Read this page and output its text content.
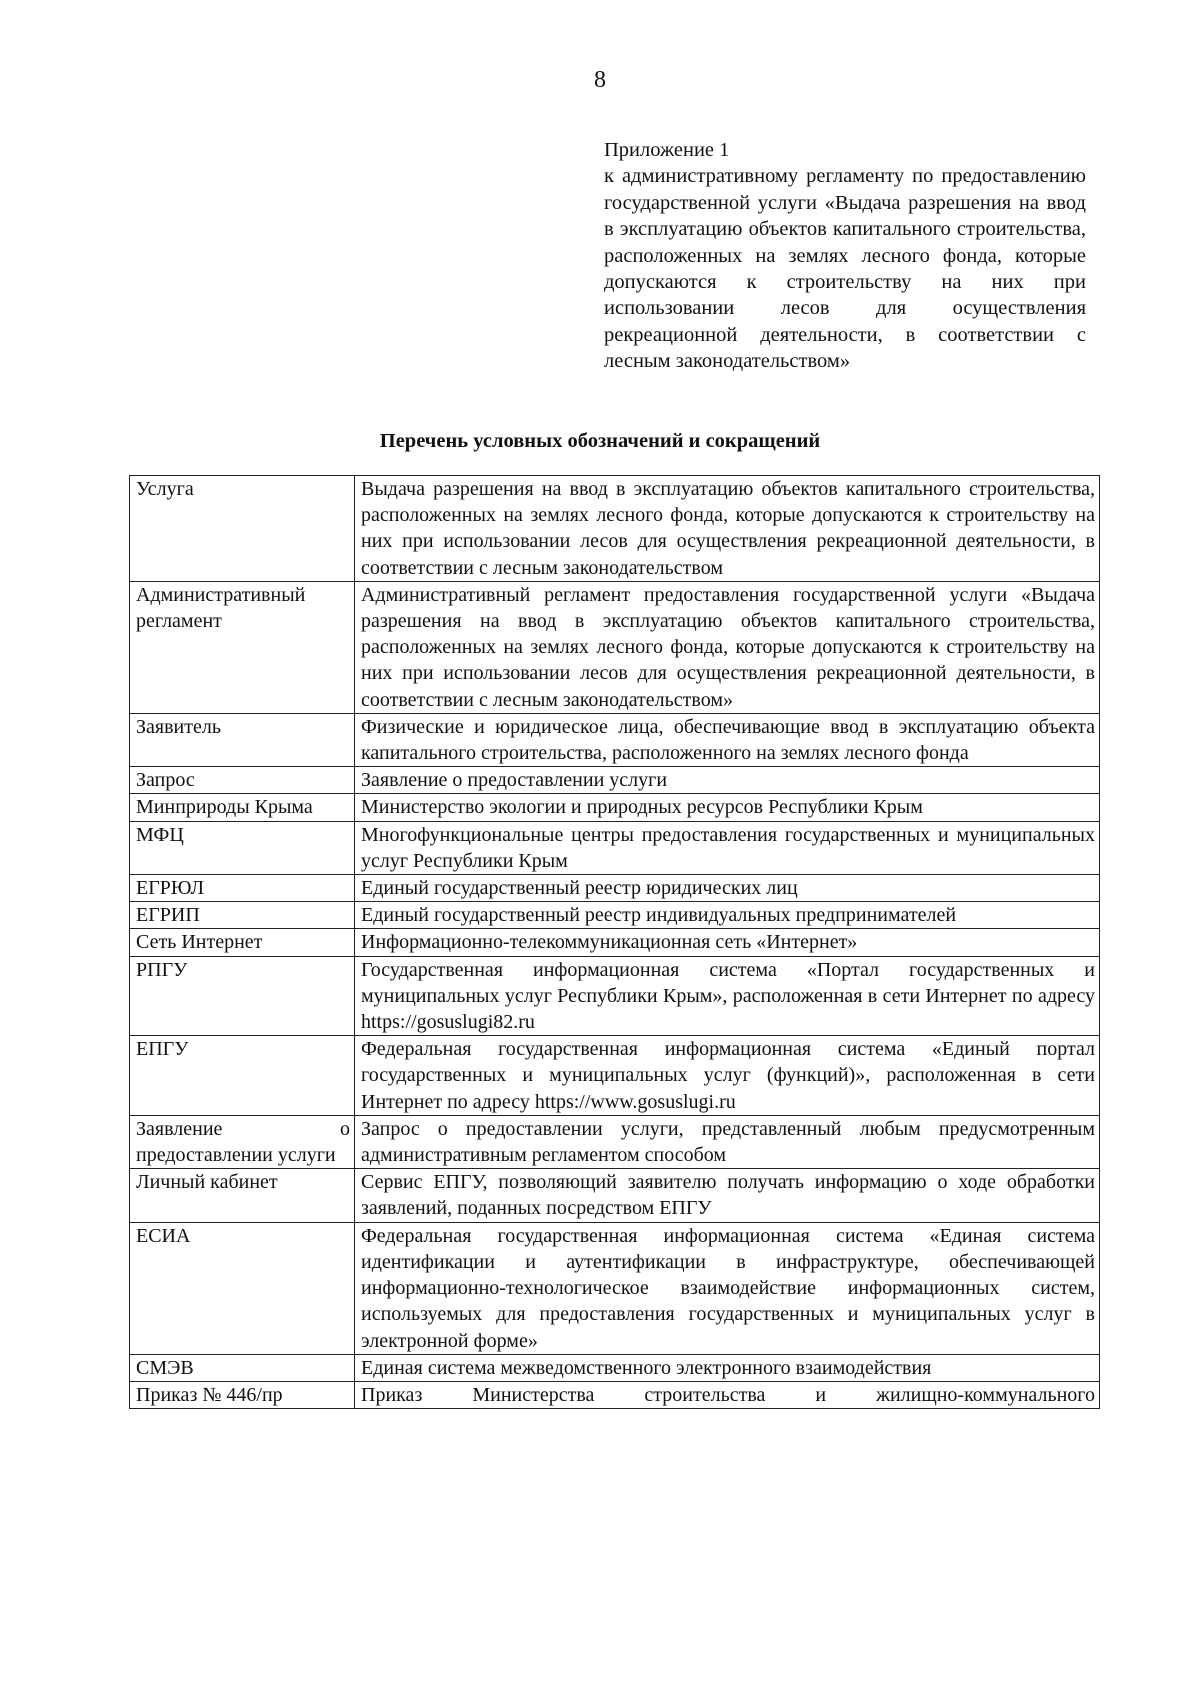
8
Приложение 1
к административному регламенту по предоставлению государственной услуги «Выдача разрешения на ввод в эксплуатацию объектов капитального строительства, расположенных на землях лесного фонда, которые допускаются к строительству на них при использовании лесов для осуществления рекреационной деятельности, в соответствии с лесным законодательством»
Перечень условных обозначений и сокращений
Услуга	Выдача разрешения на ввод в эксплуатацию объектов капитального строительства, расположенных на землях лесного фонда, которые допускаются к строительству на них при использовании лесов для осуществления рекреационной деятельности, в соответствии с лесным законодательством
Административный регламент	Административный регламент предоставления государственной услуги «Выдача разрешения на ввод в эксплуатацию объектов капитального строительства, расположенных на землях лесного фонда, которые допускаются к строительству на них при использовании лесов для осуществления рекреационной деятельности, в соответствии с лесным законодательством»
Заявитель	Физические и юридическое лица, обеспечивающие ввод в эксплуатацию объекта капитального строительства, расположенного на землях лесного фонда
Запрос	Заявление о предоставлении услуги
Минприроды Крыма	Министерство экологии и природных ресурсов Республики Крым
МФЦ	Многофункциональные центры предоставления государственных и муниципальных услуг Республики Крым
ЕГРЮЛ	Единый государственный реестр юридических лиц
ЕГРИП	Единый государственный реестр индивидуальных предпринимателей
Сеть Интернет	Информационно-телекоммуникационная сеть «Интернет»
РПГУ	Государственная информационная система «Портал государственных и муниципальных услуг Республики Крым», расположенная в сети Интернет по адресу https://gosuslugi82.ru
ЕПГУ	Федеральная государственная информационная система «Единый портал государственных и муниципальных услуг (функций)», расположенная в сети Интернет по адресу https://www.gosuslugi.ru
Заявление о предоставлении услуги	Запрос о предоставлении услуги, представленный любым предусмотренным административным регламентом способом
Личный кабинет	Сервис ЕПГУ, позволяющий заявителю получать информацию о ходе обработки заявлений, поданных посредством ЕПГУ
ЕСИА	Федеральная государственная информационная система «Единая система идентификации и аутентификации в инфраструктуре, обеспечивающей информационно-технологическое взаимодействие информационных систем, используемых для предоставления государственных и муниципальных услуг в электронной форме»
СМЭВ	Единая система межведомственного электронного взаимодействия
Приказ № 446/пр	Приказ Министерства строительства и жилищно-коммунального
